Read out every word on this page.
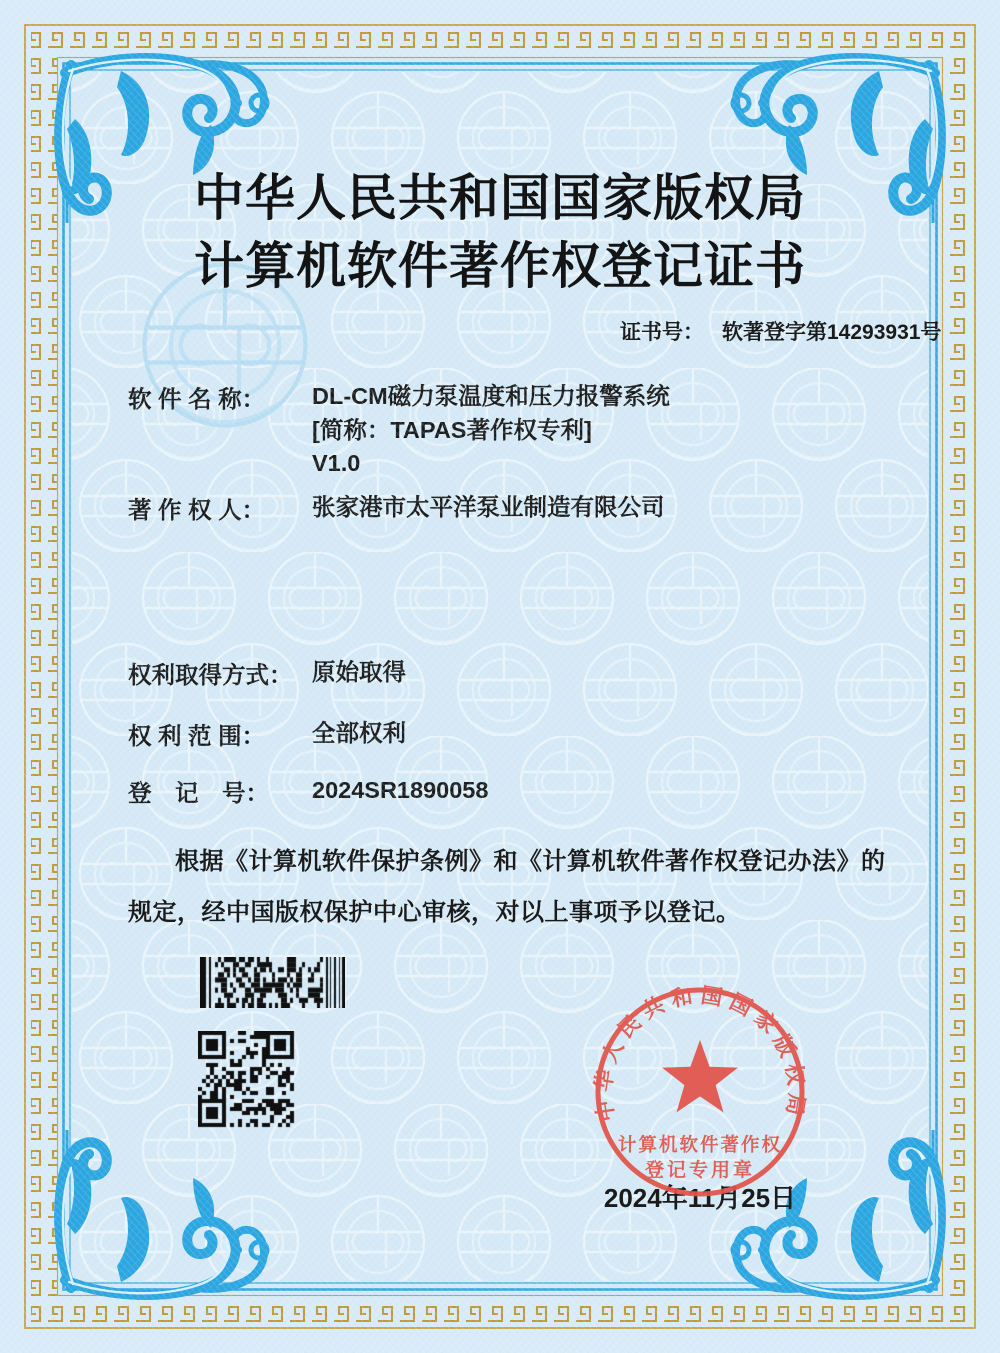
中华人民共和国国家版权局
计算机软件著作权登记证书
证书号： 软著登字第14293931号
软 件 名 称： DL-CM磁力泵温度和压力报警系统
[简称：TAPAS著作权专利]
V1.0
著 作 权 人： 张家港市太平洋泵业制造有限公司
权利取得方式： 原始取得
权 利 范 围： 全部权利
登　记　号： 2024SR1890058
根据《计算机软件保护条例》和《计算机软件著作权登记办法》的
规定，经中国版权保护中心审核，对以上事项予以登记。
中华人民共和国国家版权局
计算机软件著作权
登记专用章
2024年11月25日
